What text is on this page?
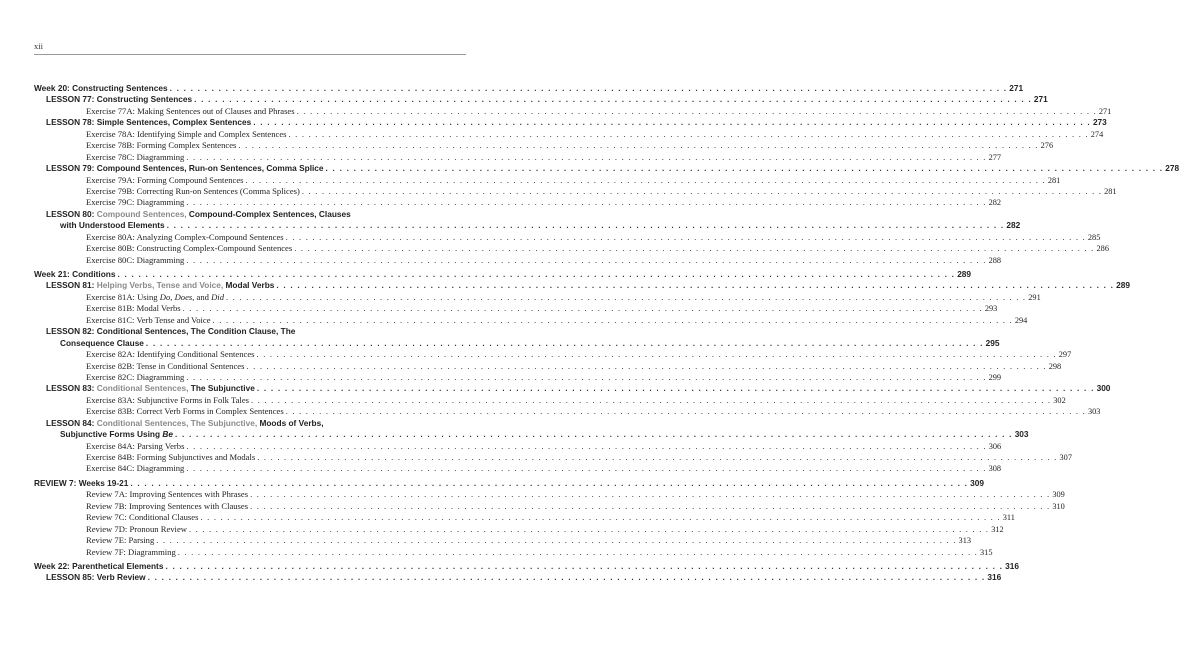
xii
Week 20: Constructing Sentences . . . . . . . . . . . . . . . . . . . . . . . . . . . . . . . . . . . . . . . . . . . . . . . . . . . . . . . . . . . . . . . . . . . . . . . . . . . . . . . . . . . . . . . . . . . . . . . . . . . . . . . . . . . . . . . . . . . . . . . . 271
LESSON 77: Constructing Sentences . . . . . . . . . . . . . . . . . . . . . . . . . . . . . . . . . . . . . . . . . . . . . . . . . . . . . . . . . . . . . . . . . . . . . . . . . . . . . . . . . . . . . . . . . . . . . . . . . . . . . . . . . . . . . . . . . . . . . . . . 271
Exercise 77A: Making Sentences out of Clauses and Phrases . . . . . . . . . . . . . . . . . . . . . . . . . . . . . . . . . . . . . . . . . . . . . . . . . . . . . . . . . . . . . . . . . . . . . . . . . . . . . . . . . . . . . . . . . . . . . . . . . . . . . . . . . . . . . . . . . . . . . . . . 271
LESSON 78: Simple Sentences, Complex Sentences . . . . . . . . . . . . . . . . . . . . . . . . . . . . . . . . . . . . . . . . . . . . . . . . . . . . . . . . . . . . . . . . . . . . . . . . . . . . . . . . . . . . . . . . . . . . . . . . . . . . . . . . . . . . . . . . . . . . . . . . 273
Exercise 78A: Identifying Simple and Complex Sentences . . . . . . . . . . . . . . . . . . . . . . . . . . . . . . . . . . . . . . . . . . . . . . . . . . . . . . . . . . . . . . . . . . . . . . . . . . . . . . . . . . . . . . . . . . . . . . . . . . . . . . . . . . . . . . . . . . . . . . . . 274
Exercise 78B: Forming Complex Sentences . . . . . . . . . . . . . . . . . . . . . . . . . . . . . . . . . . . . . . . . . . . . . . . . . . . . . . . . . . . . . . . . . . . . . . . . . . . . . . . . . . . . . . . . . . . . . . . . . . . . . . . . . . . . . . . . . . . . . . . . 276
Exercise 78C: Diagramming . . . . . . . . . . . . . . . . . . . . . . . . . . . . . . . . . . . . . . . . . . . . . . . . . . . . . . . . . . . . . . . . . . . . . . . . . . . . . . . . . . . . . . . . . . . . . . . . . . . . . . . . . . . . . . . . . . . . . . . . 277
LESSON 79: Compound Sentences, Run-on Sentences, Comma Splice . . . . . . . . . . . . . . . . . . . . . . . . . . . . . . . . . . . . . . . . . . . . . . . . . . . . . . . . . . . . . . . . . . . . . . . . . . . . . . . . . . . . . . . . . . . . . . . . . . . . . . . . . . . . . . . . . . . . . . . . 278
Exercise 79A: Forming Compound Sentences . . . . . . . . . . . . . . . . . . . . . . . . . . . . . . . . . . . . . . . . . . . . . . . . . . . . . . . . . . . . . . . . . . . . . . . . . . . . . . . . . . . . . . . . . . . . . . . . . . . . . . . . . . . . . . . . . . . . . . . . 281
Exercise 79B: Correcting Run-on Sentences (Comma Splices) . . . . . . . . . . . . . . . . . . . . . . . . . . . . . . . . . . . . . . . . . . . . . . . . . . . . . . . . . . . . . . . . . . . . . . . . . . . . . . . . . . . . . . . . . . . . . . . . . . . . . . . . . . . . . . . . . . . . . . . . 281
Exercise 79C: Diagramming . . . . . . . . . . . . . . . . . . . . . . . . . . . . . . . . . . . . . . . . . . . . . . . . . . . . . . . . . . . . . . . . . . . . . . . . . . . . . . . . . . . . . . . . . . . . . . . . . . . . . . . . . . . . . . . . . . . . . . . . 282
LESSON 80: Compound Sentences, Compound-Complex Sentences, Clauses
with Understood Elements . . . . . . . . . . . . . . . . . . . . . . . . . . . . . . . . . . . . . . . . . . . . . . . . . . . . . . . . . . . . . . . . . . . . . . . . . . . . . . . . . . . . . . . . . . . . . . . . . . . . . . . . . . . . . . . . . . . . . . . . 282
Exercise 80A: Analyzing Complex-Compound Sentences . . . . . . . . . . . . . . . . . . . . . . . . . . . . . . . . . . . . . . . . . . . . . . . . . . . . . . . . . . . . . . . . . . . . . . . . . . . . . . . . . . . . . . . . . . . . . . . . . . . . . . . . . . . . . . . . . . . . . . . . 285
Exercise 80B: Constructing Complex-Compound Sentences . . . . . . . . . . . . . . . . . . . . . . . . . . . . . . . . . . . . . . . . . . . . . . . . . . . . . . . . . . . . . . . . . . . . . . . . . . . . . . . . . . . . . . . . . . . . . . . . . . . . . . . . . . . . . . . . . . . . . . . . 286
Exercise 80C: Diagramming . . . . . . . . . . . . . . . . . . . . . . . . . . . . . . . . . . . . . . . . . . . . . . . . . . . . . . . . . . . . . . . . . . . . . . . . . . . . . . . . . . . . . . . . . . . . . . . . . . . . . . . . . . . . . . . . . . . . . . . . 288
Week 21: Conditions . . . . . . . . . . . . . . . . . . . . . . . . . . . . . . . . . . . . . . . . . . . . . . . . . . . . . . . . . . . . . . . . . . . . . . . . . . . . . . . . . . . . . . . . . . . . . . . . . . . . . . . . . . . . . . . . . . . . . . . . 289
LESSON 81: Helping Verbs, Tense and Voice, Modal Verbs . . . . . . . . . . . . . . . . . . . . . . . . . . . . . . . . . . . . . . . . . . . . . . . . . . . . . . . . . . . . . . . . . . . . . . . . . . . . . . . . . . . . . . . . . . . . . . . . . . . . . . . . . . . . . . . . . . . . . . . . 289
Exercise 81A: Using Do, Does, and Did . . . . . . . . . . . . . . . . . . . . . . . . . . . . . . . . . . . . . . . . . . . . . . . . . . . . . . . . . . . . . . . . . . . . . . . . . . . . . . . . . . . . . . . . . . . . . . . . . . . . . . . . . . . . . . . . . . . . . . . . 291
Exercise 81B: Modal Verbs . . . . . . . . . . . . . . . . . . . . . . . . . . . . . . . . . . . . . . . . . . . . . . . . . . . . . . . . . . . . . . . . . . . . . . . . . . . . . . . . . . . . . . . . . . . . . . . . . . . . . . . . . . . . . . . . . . . . . . . . 293
Exercise 81C: Verb Tense and Voice . . . . . . . . . . . . . . . . . . . . . . . . . . . . . . . . . . . . . . . . . . . . . . . . . . . . . . . . . . . . . . . . . . . . . . . . . . . . . . . . . . . . . . . . . . . . . . . . . . . . . . . . . . . . . . . . . . . . . . . . 294
LESSON 82: Conditional Sentences, The Condition Clause, The
Consequence Clause . . . . . . . . . . . . . . . . . . . . . . . . . . . . . . . . . . . . . . . . . . . . . . . . . . . . . . . . . . . . . . . . . . . . . . . . . . . . . . . . . . . . . . . . . . . . . . . . . . . . . . . . . . . . . . . . . . . . . . . . 295
Exercise 82A: Identifying Conditional Sentences . . . . . . . . . . . . . . . . . . . . . . . . . . . . . . . . . . . . . . . . . . . . . . . . . . . . . . . . . . . . . . . . . . . . . . . . . . . . . . . . . . . . . . . . . . . . . . . . . . . . . . . . . . . . . . . . . . . . . . . . 297
Exercise 82B: Tense in Conditional Sentences . . . . . . . . . . . . . . . . . . . . . . . . . . . . . . . . . . . . . . . . . . . . . . . . . . . . . . . . . . . . . . . . . . . . . . . . . . . . . . . . . . . . . . . . . . . . . . . . . . . . . . . . . . . . . . . . . . . . . . . . 298
Exercise 82C: Diagramming . . . . . . . . . . . . . . . . . . . . . . . . . . . . . . . . . . . . . . . . . . . . . . . . . . . . . . . . . . . . . . . . . . . . . . . . . . . . . . . . . . . . . . . . . . . . . . . . . . . . . . . . . . . . . . . . . . . . . . . . 299
LESSON 83: Conditional Sentences, The Subjunctive . . . . . . . . . . . . . . . . . . . . . . . . . . . . . . . . . . . . . . . . . . . . . . . . . . . . . . . . . . . . . . . . . . . . . . . . . . . . . . . . . . . . . . . . . . . . . . . . . . . . . . . . . . . . . . . . . . . . . . . . 300
Exercise 83A: Subjunctive Forms in Folk Tales . . . . . . . . . . . . . . . . . . . . . . . . . . . . . . . . . . . . . . . . . . . . . . . . . . . . . . . . . . . . . . . . . . . . . . . . . . . . . . . . . . . . . . . . . . . . . . . . . . . . . . . . . . . . . . . . . . . . . . . . 302
Exercise 83B: Correct Verb Forms in Complex Sentences . . . . . . . . . . . . . . . . . . . . . . . . . . . . . . . . . . . . . . . . . . . . . . . . . . . . . . . . . . . . . . . . . . . . . . . . . . . . . . . . . . . . . . . . . . . . . . . . . . . . . . . . . . . . . . . . . . . . . . . . 303
LESSON 84: Conditional Sentences, The Subjunctive, Moods of Verbs,
Subjunctive Forms Using Be . . . . . . . . . . . . . . . . . . . . . . . . . . . . . . . . . . . . . . . . . . . . . . . . . . . . . . . . . . . . . . . . . . . . . . . . . . . . . . . . . . . . . . . . . . . . . . . . . . . . . . . . . . . . . . . . . . . . . . . . 303
Exercise 84A: Parsing Verbs . . . . . . . . . . . . . . . . . . . . . . . . . . . . . . . . . . . . . . . . . . . . . . . . . . . . . . . . . . . . . . . . . . . . . . . . . . . . . . . . . . . . . . . . . . . . . . . . . . . . . . . . . . . . . . . . . . . . . . . . 306
Exercise 84B: Forming Subjunctives and Modals . . . . . . . . . . . . . . . . . . . . . . . . . . . . . . . . . . . . . . . . . . . . . . . . . . . . . . . . . . . . . . . . . . . . . . . . . . . . . . . . . . . . . . . . . . . . . . . . . . . . . . . . . . . . . . . . . . . . . . . . 307
Exercise 84C: Diagramming . . . . . . . . . . . . . . . . . . . . . . . . . . . . . . . . . . . . . . . . . . . . . . . . . . . . . . . . . . . . . . . . . . . . . . . . . . . . . . . . . . . . . . . . . . . . . . . . . . . . . . . . . . . . . . . . . . . . . . . . 308
REVIEW 7: Weeks 19-21 . . . . . . . . . . . . . . . . . . . . . . . . . . . . . . . . . . . . . . . . . . . . . . . . . . . . . . . . . . . . . . . . . . . . . . . . . . . . . . . . . . . . . . . . . . . . . . . . . . . . . . . . . . . . . . . . . . . . . . . . 309
Review 7A: Improving Sentences with Phrases . . . . . . . . . . . . . . . . . . . . . . . . . . . . . . . . . . . . . . . . . . . . . . . . . . . . . . . . . . . . . . . . . . . . . . . . . . . . . . . . . . . . . . . . . . . . . . . . . . . . . . . . . . . . . . . . . . . . . . . . 309
Review 7B: Improving Sentences with Clauses . . . . . . . . . . . . . . . . . . . . . . . . . . . . . . . . . . . . . . . . . . . . . . . . . . . . . . . . . . . . . . . . . . . . . . . . . . . . . . . . . . . . . . . . . . . . . . . . . . . . . . . . . . . . . . . . . . . . . . . . 310
Review 7C: Conditional Clauses . . . . . . . . . . . . . . . . . . . . . . . . . . . . . . . . . . . . . . . . . . . . . . . . . . . . . . . . . . . . . . . . . . . . . . . . . . . . . . . . . . . . . . . . . . . . . . . . . . . . . . . . . . . . . . . . . . . . . . . . 311
Review 7D: Pronoun Review . . . . . . . . . . . . . . . . . . . . . . . . . . . . . . . . . . . . . . . . . . . . . . . . . . . . . . . . . . . . . . . . . . . . . . . . . . . . . . . . . . . . . . . . . . . . . . . . . . . . . . . . . . . . . . . . . . . . . . . . 312
Review 7E: Parsing . . . . . . . . . . . . . . . . . . . . . . . . . . . . . . . . . . . . . . . . . . . . . . . . . . . . . . . . . . . . . . . . . . . . . . . . . . . . . . . . . . . . . . . . . . . . . . . . . . . . . . . . . . . . . . . . . . . . . . . . 313
Review 7F: Diagramming . . . . . . . . . . . . . . . . . . . . . . . . . . . . . . . . . . . . . . . . . . . . . . . . . . . . . . . . . . . . . . . . . . . . . . . . . . . . . . . . . . . . . . . . . . . . . . . . . . . . . . . . . . . . . . . . . . . . . . . . 315
Week 22: Parenthetical Elements . . . . . . . . . . . . . . . . . . . . . . . . . . . . . . . . . . . . . . . . . . . . . . . . . . . . . . . . . . . . . . . . . . . . . . . . . . . . . . . . . . . . . . . . . . . . . . . . . . . . . . . . . . . . . . . . . . . . . . . . 316
LESSON 85: Verb Review . . . . . . . . . . . . . . . . . . . . . . . . . . . . . . . . . . . . . . . . . . . . . . . . . . . . . . . . . . . . . . . . . . . . . . . . . . . . . . . . . . . . . . . . . . . . . . . . . . . . . . . . . . . . . . . . . . . . . . . . 316
